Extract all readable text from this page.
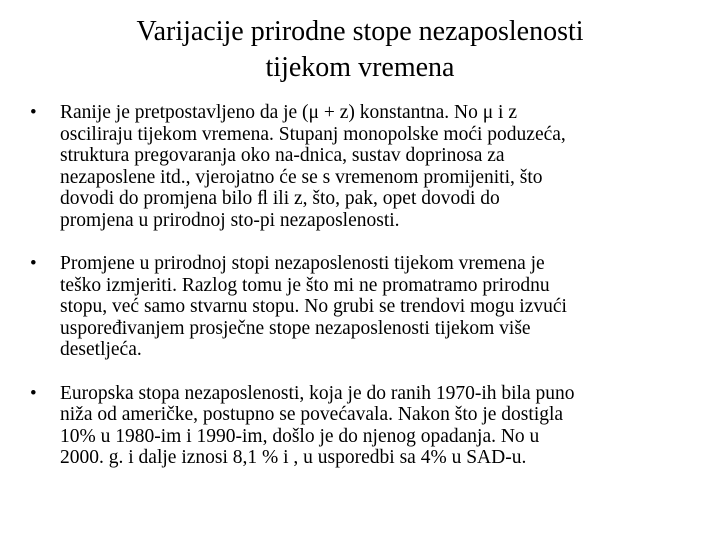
Varijacije prirodne stope nezaposlenosti
tijekom vremena
•	Ranije je pretpostavljeno da je (μ + z) konstantna. No μ i z
osciliraju tijekom vremena. Stupanj monopolske moći poduzeća,
struktura pregovaranja oko na-dnica, sustav doprinosa za
nezaposlene itd., vjerojatno će se s vremenom promijeniti, što
dovodi do promjena bilo ﬂ ili z, što, pak, opet dovodi do
promjena u prirodnoj sto-pi nezaposlenosti.
•	Promjene u prirodnoj stopi nezaposlenosti tijekom vremena je
teško izmjeriti. Razlog tomu je što mi ne promatramo prirodnu
stopu, već samo stvarnu stopu. No grubi se trendovi mogu izvući
uspoređivanjem prosječne stope nezaposlenosti tijekom više
desetljeća.
•	Europska stopa nezaposlenosti, koja je do ranih 1970-ih bila puno
niža od američke, postupno se povećavala. Nakon što je dostigla
10% u 1980-im i 1990-im, došlo je do njenog opadanja. No u
2000. g. i dalje iznosi 8,1 % i , u usporedbi sa 4% u SAD-u.
